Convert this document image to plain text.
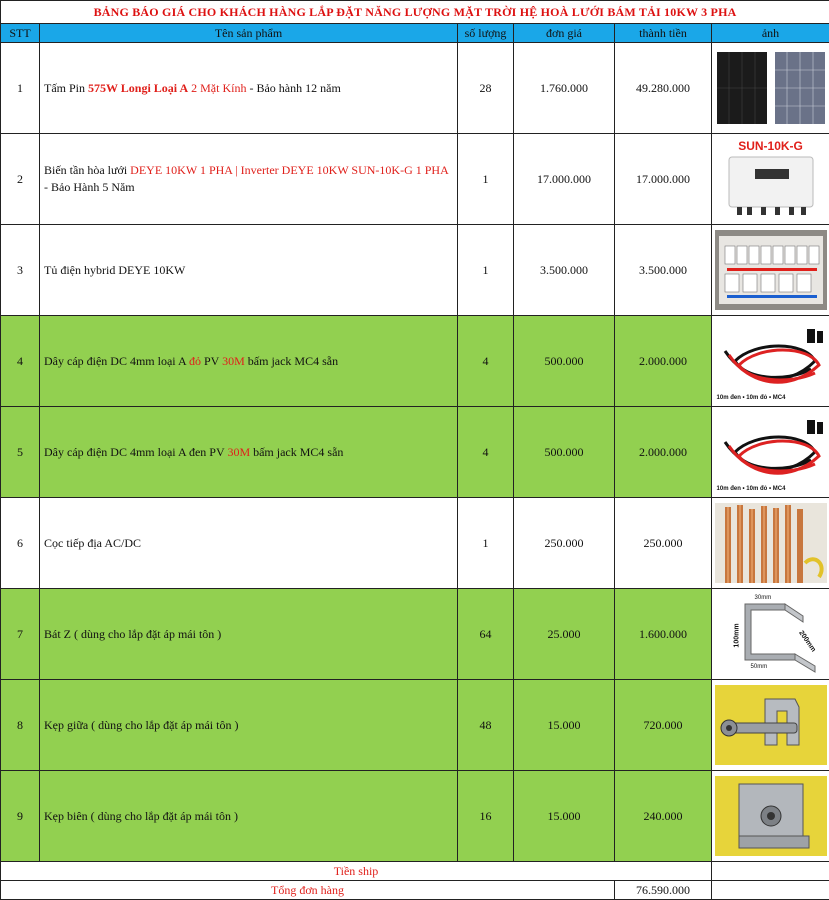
BẢNG BÁO GIÁ CHO KHÁCH HÀNG LẮP ĐẶT NĂNG LƯỢNG MẶT TRỜI HỆ HOÀ LƯỚI BÁM TẢI 10KW 3 PHA					
STT	Tên sản phẩm	số lượng	đơn giá	thành tiền	ảnh
1	Tấm Pin 575W Longi Loại A 2 Mặt Kính - Bảo hành 12 năm	28	1.760.000	49.280.000	

2	Biến tần hòa lưới DEYE 10KW 1 PHA | Inverter DEYE 10KW SUN-10K-G 1 PHA - Bảo Hành 5 Năm	1	17.000.000	17.000.000	SUN-10K-G

3	Tủ điện hybrid DEYE 10KW	1	3.500.000	3.500.000	

4	Dây cáp điện DC 4mm loại A đỏ PV 30M bấm jack MC4 sẵn	4	500.000	2.000.000	10m đen • 10m đỏ • MC4

5	Dây cáp điện DC 4mm loại A đen PV 30M bấm jack MC4 sẵn	4	500.000	2.000.000	10m đen • 10m đỏ • MC4

6	Cọc tiếp địa AC/DC	1	250.000	250.000	

7	Bát Z ( dùng cho lắp đặt áp mái tôn )	64	25.000	1.600.000	30mm
100mm
50mm
200mm

8	Kẹp giữa ( dùng cho lắp đặt áp mái tôn )	48	15.000	720.000	

9	Kẹp biên ( dùng cho lắp đặt áp mái tôn )	16	15.000	240.000	

Tiền ship					
Tổng đơn hàng				76.590.000	
